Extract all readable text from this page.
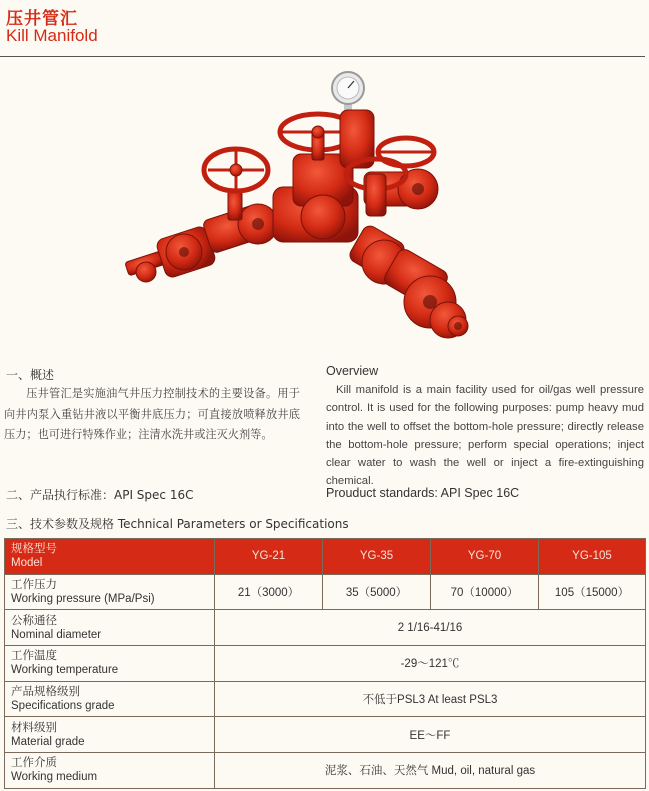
压井管汇
Kill Manifold
一、概述

压井管汇是实施油气井压力控制技术的主要设备。用于向井内泵入重钻井液以平衡井底压力；可直接放喷释放井底压力；也可进行特殊作业；注清水洗井或注灭火剂等。

二、产品执行标准：API Spec 16C
Overview

Kill manifold is a main facility used for oil/gas well pressure control. It is used for the following purposes: pump heavy mud into the well to offset the bottom-hole pressure; directly release the bottom-hole pressure; perform special operations; inject clear water to wash the well or inject a fire-extinguishing chemical.

Prouduct standards: API Spec 16C
三、技术参数及规格 Technical Parameters or Specifications
规格型号
Model	YG-21	YG-35	YG-70	YG-105

工作压力
Working pressure (MPa/Psi)	21（3000）	35（5000）	70（10000）	105（15000）

公称通径
Nominal diameter	2 1/16-41/16			

工作温度
Working temperature	-29～121℃			

产品规格级别
Specifications grade	不低于PSL3 At least PSL3			

材料级别
Material grade	EE～FF			

工作介质
Working medium	泥浆、石油、天然气 Mud, oil, natural gas			
